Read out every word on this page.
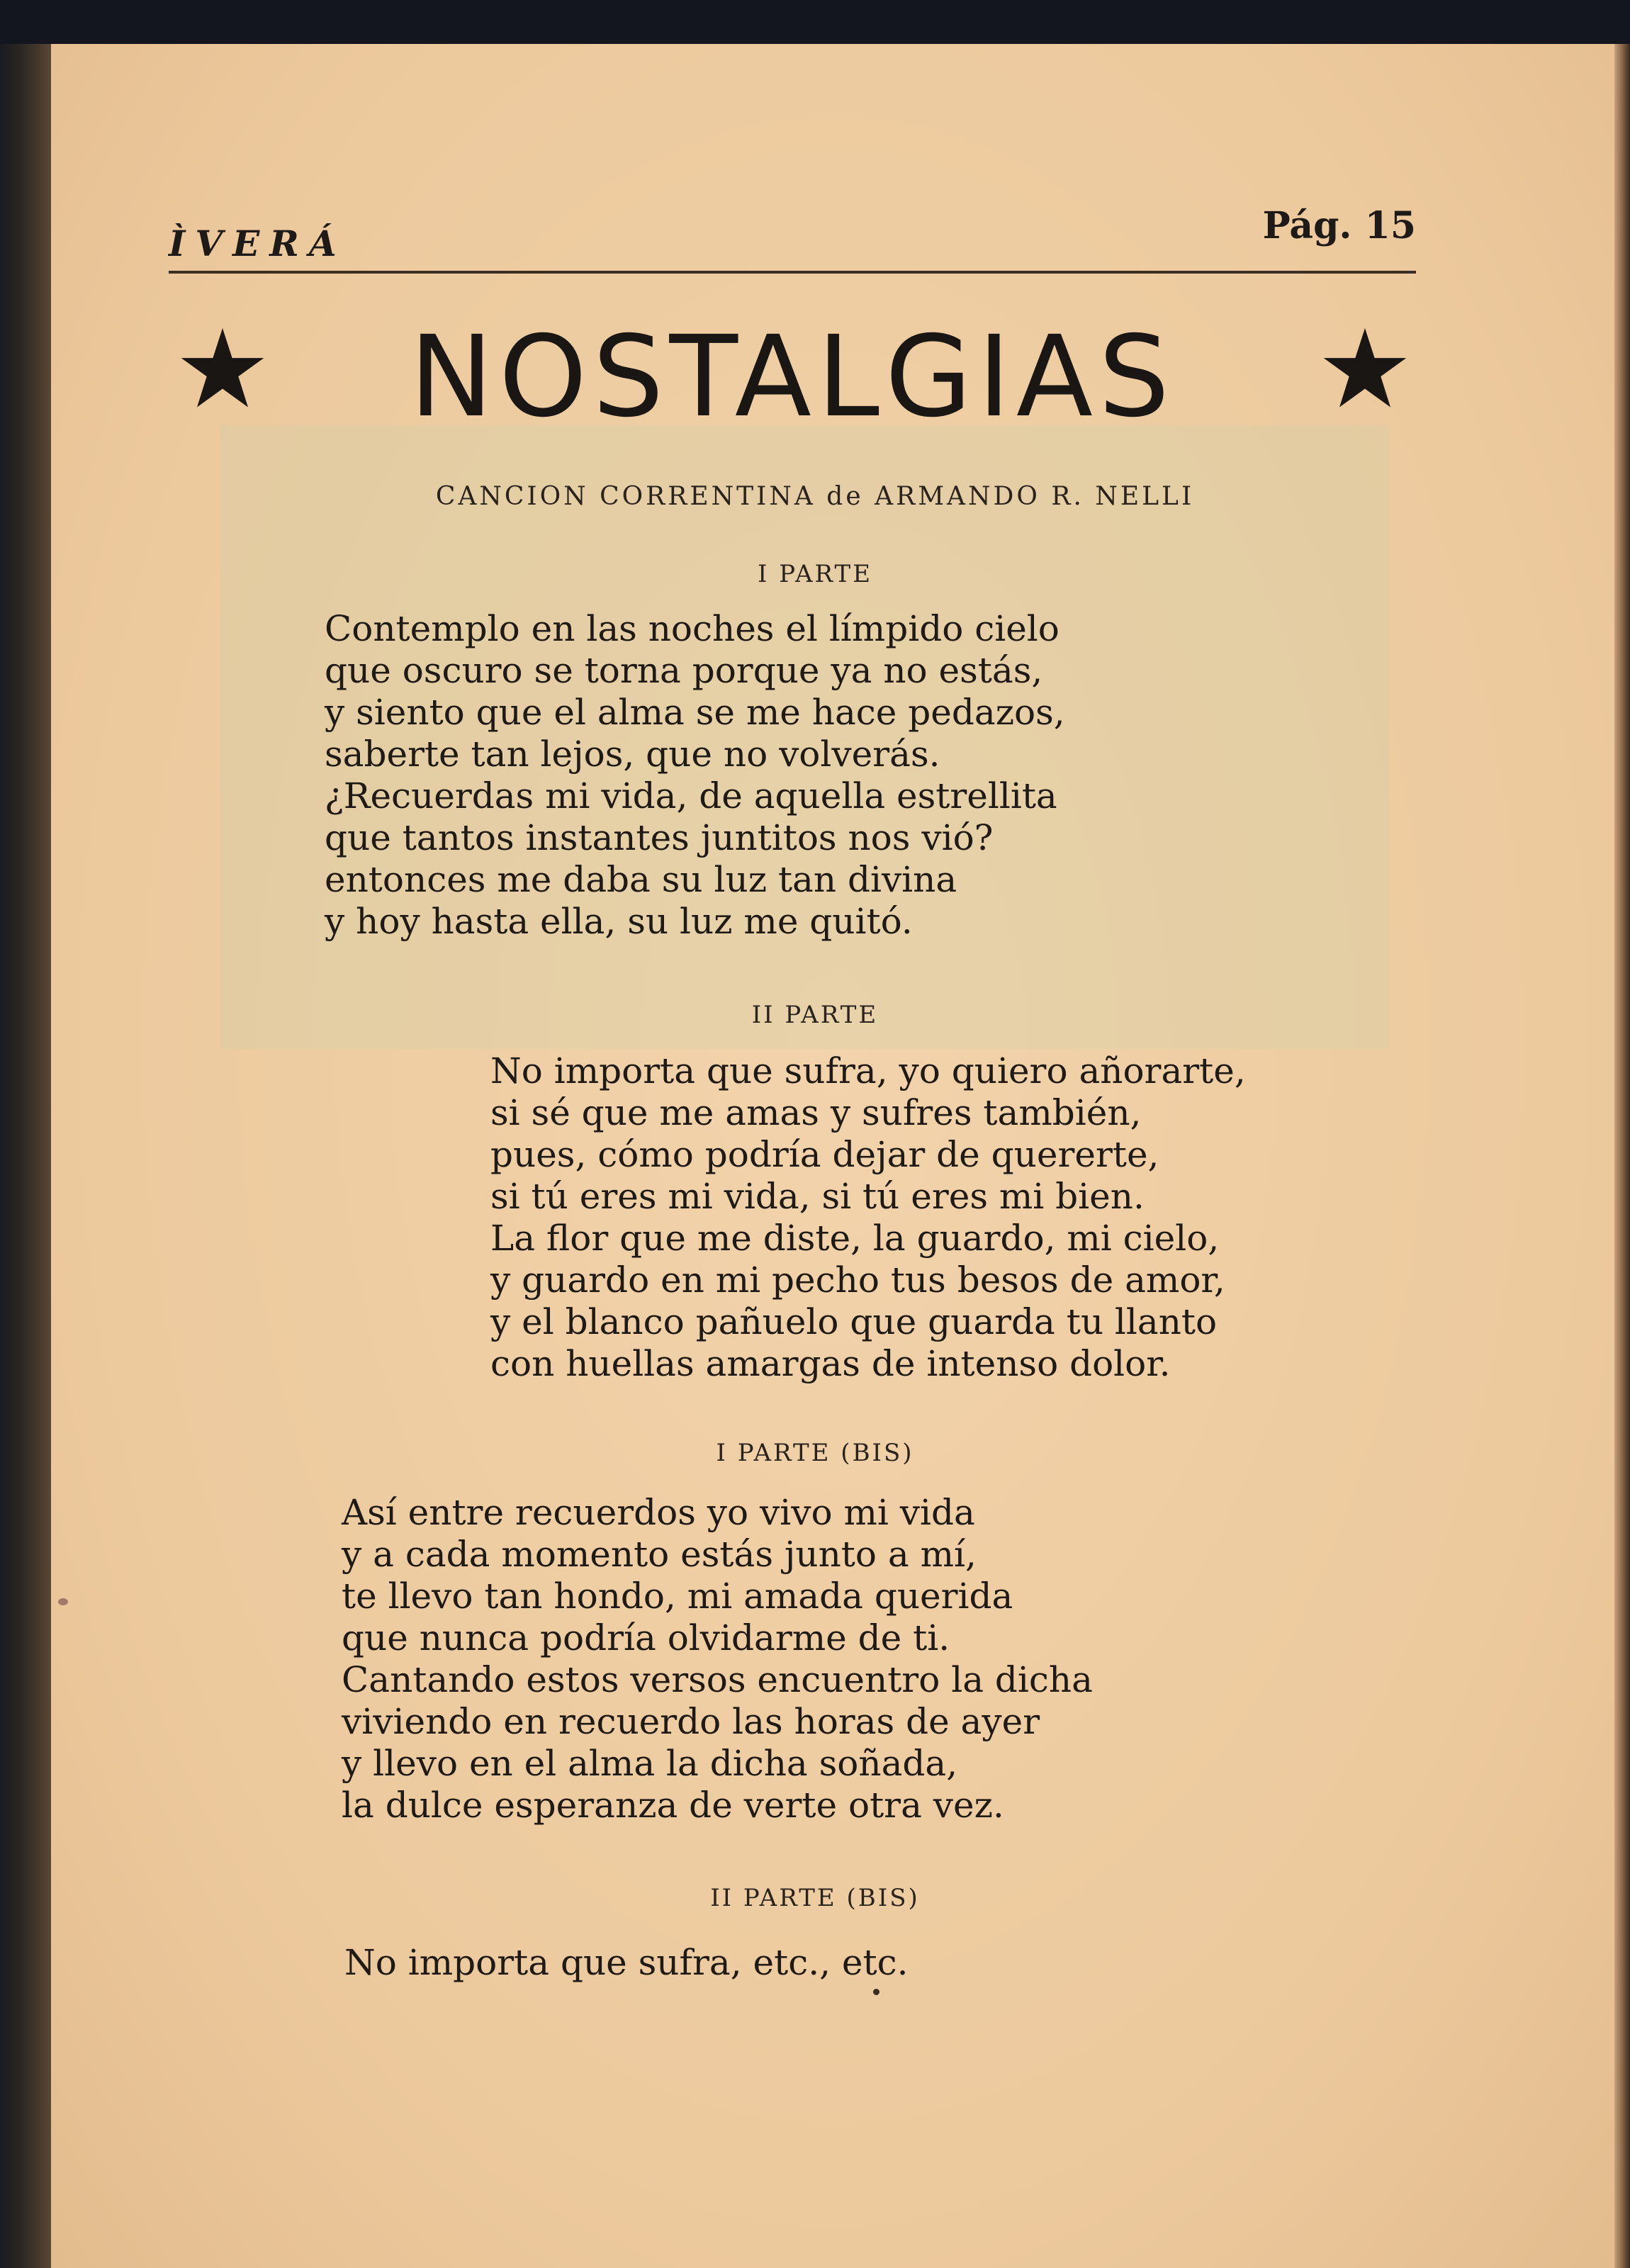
ÌVERÁ	Pág. 15
NOSTALGIAS
CANCION CORRENTINA de ARMANDO R. NELLI
I PARTE
Contemplo en las noches el límpido cielo
que oscuro se torna porque ya no estás,
y siento que el alma se me hace pedazos,
saberte tan lejos, que no volverás.
¿Recuerdas mi vida, de aquella estrellita
que tantos instantes juntitos nos vió?
entonces me daba su luz tan divina
y hoy hasta ella, su luz me quitó.
II PARTE
No importa que sufra, yo quiero añorarte,
si sé que me amas y sufres también,
pues, cómo podría dejar de quererte,
si tú eres mi vida, si tú eres mi bien.
La flor que me diste, la guardo, mi cielo,
y guardo en mi pecho tus besos de amor,
y el blanco pañuelo que guarda tu llanto
con huellas amargas de intenso dolor.
I PARTE (BIS)
Así entre recuerdos yo vivo mi vida
y a cada momento estás junto a mí,
te llevo tan hondo, mi amada querida
que nunca podría olvidarme de ti.
Cantando estos versos encuentro la dicha
viviendo en recuerdo las horas de ayer
y llevo en el alma la dicha soñada,
la dulce esperanza de verte otra vez.
II PARTE (BIS)
No importa que sufra, etc., etc.
